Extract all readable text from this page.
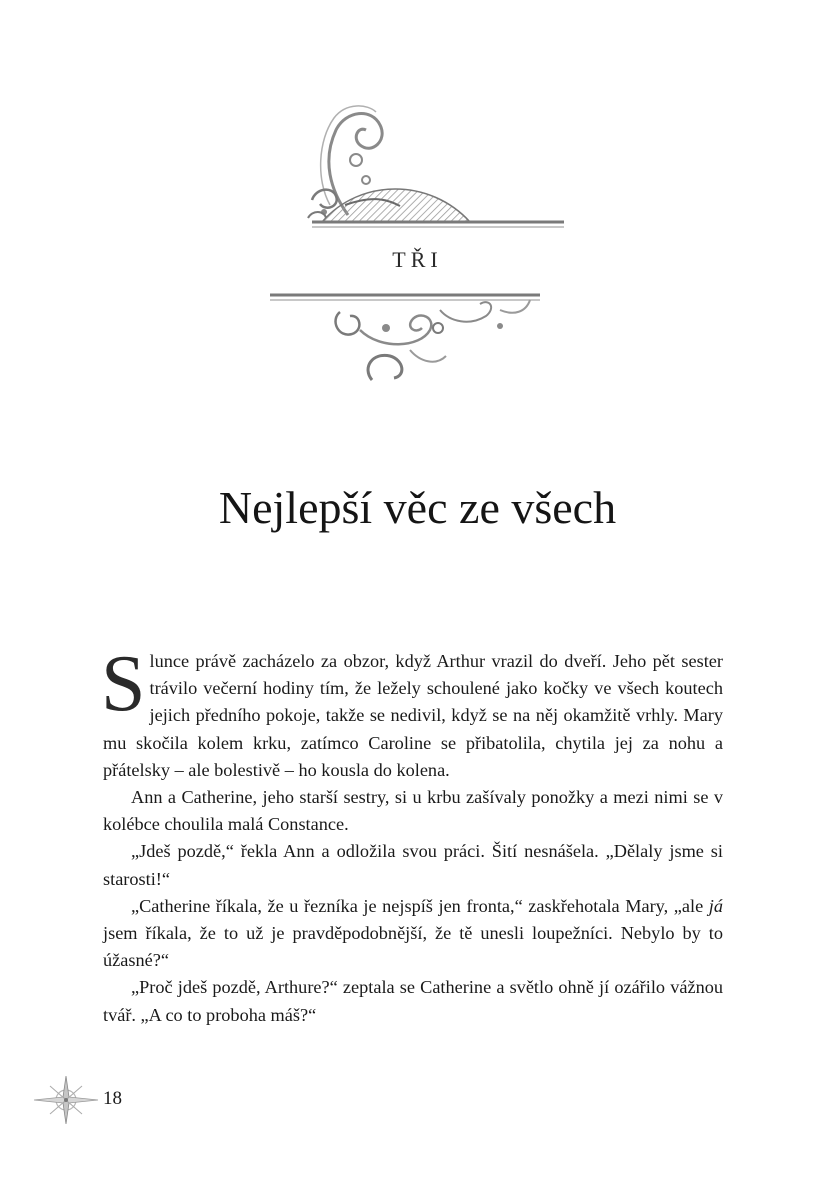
TŘI
Nejlepší věc ze všech

Slunce právě zacházelo za obzor, když Arthur vrazil do dveří. Jeho pět sester trávilo večerní hodiny tím, že ležely schoulené jako kočky ve všech koutech jejich předního pokoje, takže se nedivil, když se na něj okamžitě vrhly. Mary mu skočila kolem krku, zatímco Caroline se přibatolila, chytila jej za nohu a přátelsky – ale bolestivě – ho kousla do kolena.

Ann a Catherine, jeho starší sestry, si u krbu zašívaly ponožky a mezi nimi se v kolébce choulila malá Constance.

„Jdeš pozdě,“ řekla Ann a odložila svou práci. Šití nesnášela. „Dělaly jsme si starosti!“

„Catherine říkala, že u řezníka je nejspíš jen fronta,“ zaskřehotala Mary, „ale já jsem říkala, že to už je pravděpodobnější, že tě unesli loupežníci. Nebylo by to úžasné?“

„Proč jdeš pozdě, Arthure?“ zeptala se Catherine a světlo ohně jí ozářilo vážnou tvář. „A co to proboha máš?“

18
